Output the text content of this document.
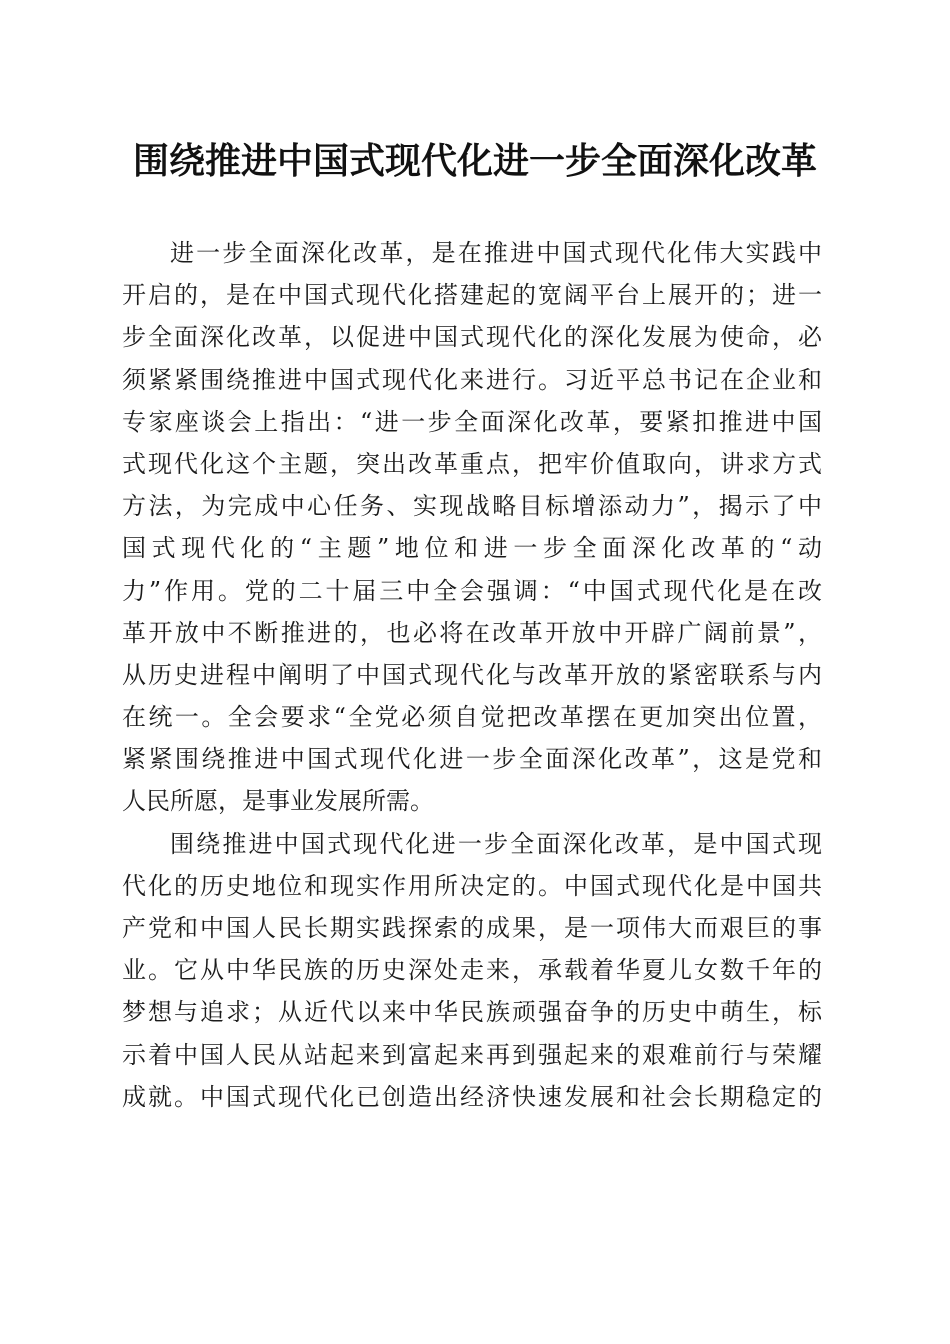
围绕推进中国式现代化进一步全面深化改革
进一步全面深化改革，是在推进中国式现代化伟大实践中
开启的，是在中国式现代化搭建起的宽阔平台上展开的；进一
步全面深化改革，以促进中国式现代化的深化发展为使命，必
须紧紧围绕推进中国式现代化来进行。习近平总书记在企业和
专家座谈会上指出：“进一步全面深化改革，要紧扣推进中国
式现代化这个主题，突出改革重点，把牢价值取向，讲求方式
方法，为完成中心任务、实现战略目标增添动力”，揭示了中
国式现代化的“主题”地位和进一步全面深化改革的“动
力”作用。党的二十届三中全会强调：“中国式现代化是在改
革开放中不断推进的，也必将在改革开放中开辟广阔前景”，
从历史进程中阐明了中国式现代化与改革开放的紧密联系与内
在统一。全会要求“全党必须自觉把改革摆在更加突出位置，
紧紧围绕推进中国式现代化进一步全面深化改革”，这是党和
人民所愿，是事业发展所需。
围绕推进中国式现代化进一步全面深化改革，是中国式现
代化的历史地位和现实作用所决定的。中国式现代化是中国共
产党和中国人民长期实践探索的成果，是一项伟大而艰巨的事
业。它从中华民族的历史深处走来，承载着华夏儿女数千年的
梦想与追求；从近代以来中华民族顽强奋争的历史中萌生，标
示着中国人民从站起来到富起来再到强起来的艰难前行与荣耀
成就。中国式现代化已创造出经济快速发展和社会长期稳定的
